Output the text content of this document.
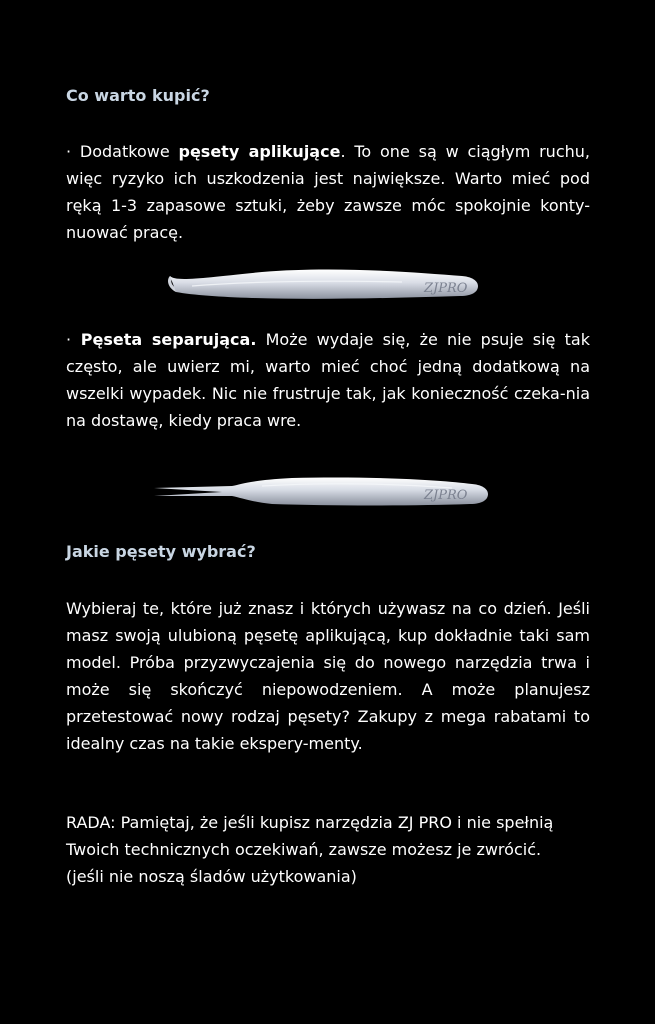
Co warto kupić?

· Dodatkowe pęsety aplikujące. To one są w ciągłym ruchu, więc ryzyko ich uszkodzenia jest największe. Warto mieć pod ręką 1-3 zapasowe sztuki, żeby zawsze móc spokojnie konty-nuować pracę.

ZJPRO

· Pęseta separująca. Może wydaje się, że nie psuje się tak często, ale uwierz mi, warto mieć choć jedną dodatkową na wszelki wypadek. Nic nie frustruje tak, jak konieczność czeka-nia na dostawę, kiedy praca wre.

ZJPRO
Jakie pęsety wybrać?

Wybieraj te, które już znasz i których używasz na co dzień. Jeśli masz swoją ulubioną pęsetę aplikującą, kup dokładnie taki sam model. Próba przyzwyczajenia się do nowego narzędzia trwa i może się skończyć niepowodzeniem. A może planujesz przetestować nowy rodzaj pęsety? Zakupy z mega rabatami to idealny czas na takie ekspery-menty.

RADA: Pamiętaj, że jeśli kupisz narzędzia ZJ PRO i nie spełnią
Twoich technicznych oczekiwań, zawsze możesz je zwrócić.
(jeśli nie noszą śladów użytkowania)
